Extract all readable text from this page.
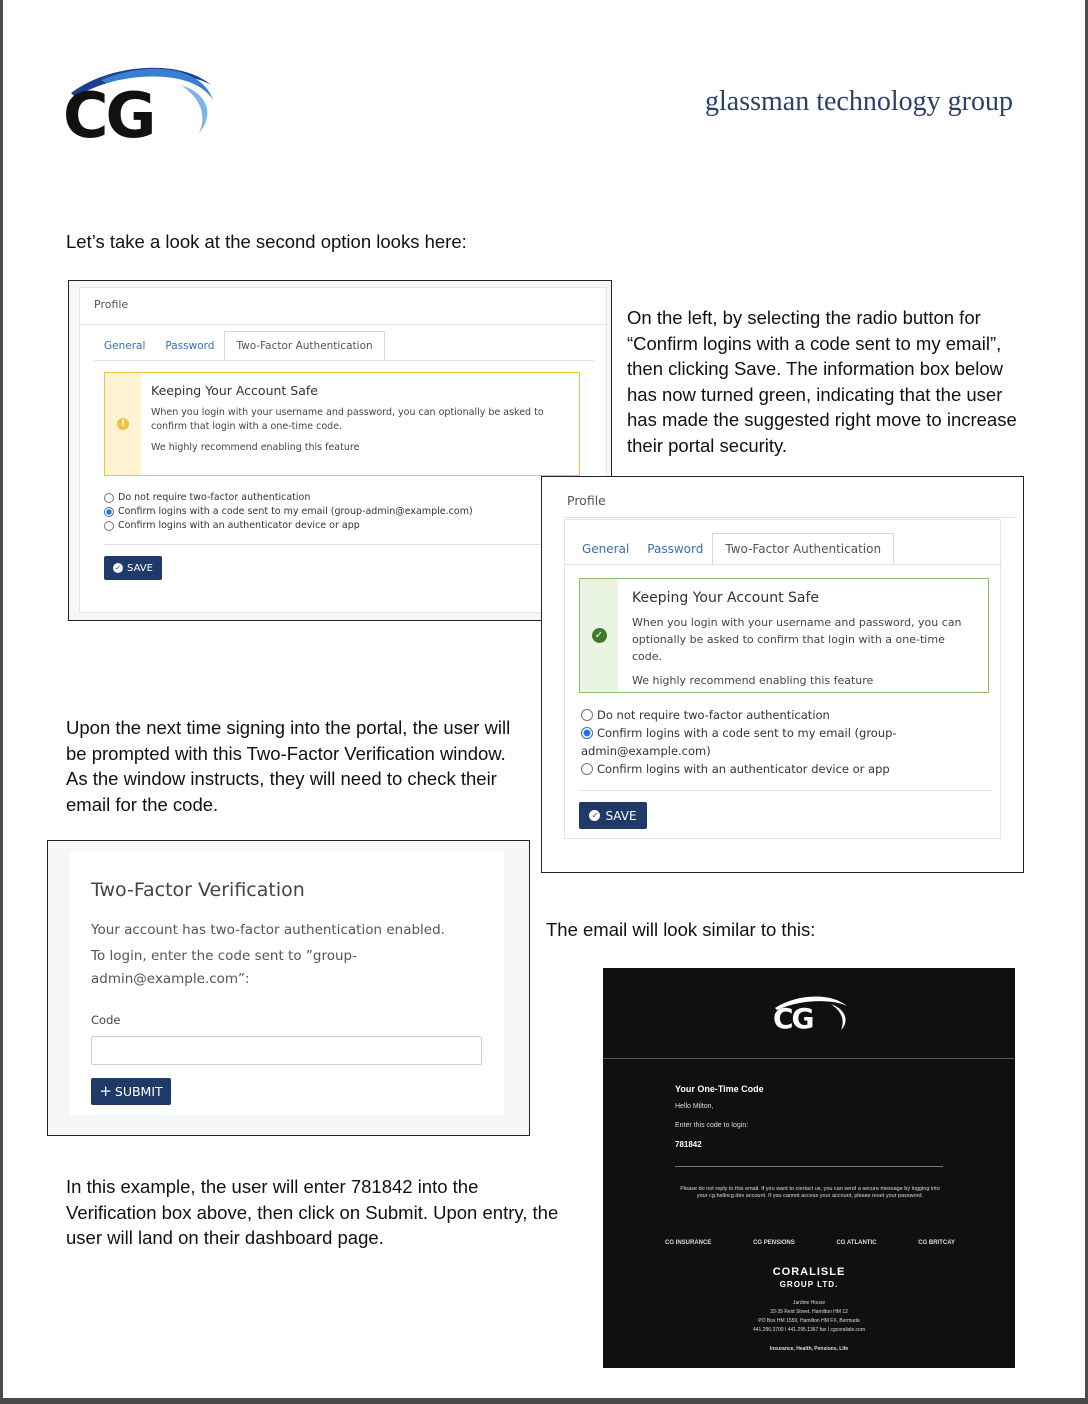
CG	glassman technology group
Let’s take a look at the second option looks here:
Profile
General	Password	Two-Factor Authentication
!
Keeping Your Account Safe
When you login with your username and password, you can optionally be asked to confirm that login with a one-time code.
We highly recommend enabling this feature
Do not require two-factor authentication
Confirm logins with a code sent to my email (group-admin@example.com)
Confirm logins with an authenticator device or app
✓ SAVE
On the left, by selecting the radio button for “Confirm logins with a code sent to my email”, then clicking Save. The information box below has now turned green, indicating that the user has made the suggested right move to increase their portal security.
Profile
General	Password	Two-Factor Authentication
✓
Keeping Your Account Safe
When you login with your username and password, you can optionally be asked to confirm that login with a one-time code.
We highly recommend enabling this feature
Do not require two-factor authentication
Confirm logins with a code sent to my email (group-admin@example.com)
Confirm logins with an authenticator device or app
✓ SAVE
Upon the next time signing into the portal, the user will be prompted with this Two-Factor Verification window. As the window instructs, they will need to check their email for the code.
Two-Factor Verification
Your account has two-factor authentication enabled.
To login, enter the code sent to ”group-admin@example.com”:
Code
+ SUBMIT
The email will look similar to this:
CG
Your One-Time Code
Hello Milton,
Enter this code to login:
781842
Please do not reply to this email. If you want to contact us, you can send a secure message by logging into your cg.hellocg.dev account. If you cannot access your account, please reset your password.
CG INSURANCE	CG PENSIONS	CG ATLANTIC	CG BRITCAY
CORALISLE
GROUP LTD.
Jardine House
33-35 Reid Street, Hamilton HM 12
PO Box HM 1559, Hamilton HM FX, Bermuda
441.296.3700 I 441.295.1367 fax I cgcoralisle.com
Insurance, Health, Pensions, Life
In this example, the user will enter 781842 into the Verification box above, then click on Submit. Upon entry, the user will land on their dashboard page.
